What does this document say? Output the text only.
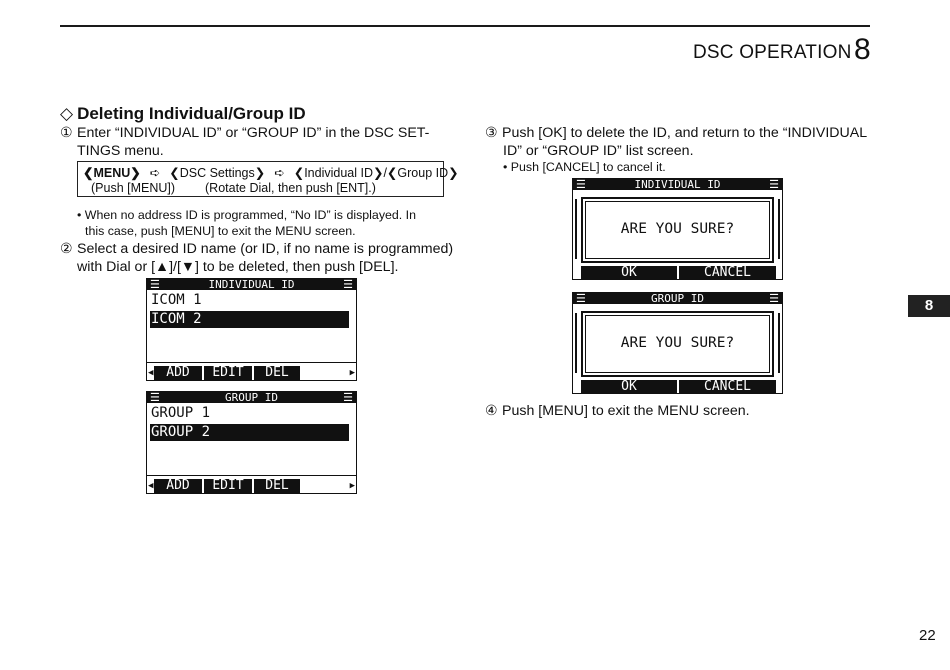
DSC OPERATION 8
8
22
◇ Deleting Individual/Group ID
① Enter “INDIVIDUAL ID” or “GROUP ID” in the DSC SET-
TINGS menu.
❮MENU❯ ➪ ❮DSC Settings❯ ➪ ❮Individual ID❯/❮Group ID❯
(Push [MENU]) (Rotate Dial, then push [ENT].)
• When no address ID is programmed, “No ID” is displayed. In
this case, push [MENU] to exit the MENU screen.
② Select a desired ID name (or ID, if no name is programmed)
with Dial or [▲]/[▼] to be deleted, then push [DEL].
☰	INDIVIDUAL ID	☰
ICOM 1
ICOM 2
◀ ADD	EDIT	DEL	▶
☰	GROUP ID	☰
GROUP 1
GROUP 2
◀ ADD	EDIT	DEL	▶
③ Push [OK] to delete the ID, and return to the “INDIVIDUAL
ID” or “GROUP ID” list screen.
• Push [CANCEL] to cancel it.
☰	INDIVIDUAL ID	☰
ARE YOU SURE?
OK	CANCEL
☰	GROUP ID	☰
ARE YOU SURE?
OK	CANCEL
④ Push [MENU] to exit the MENU screen.
